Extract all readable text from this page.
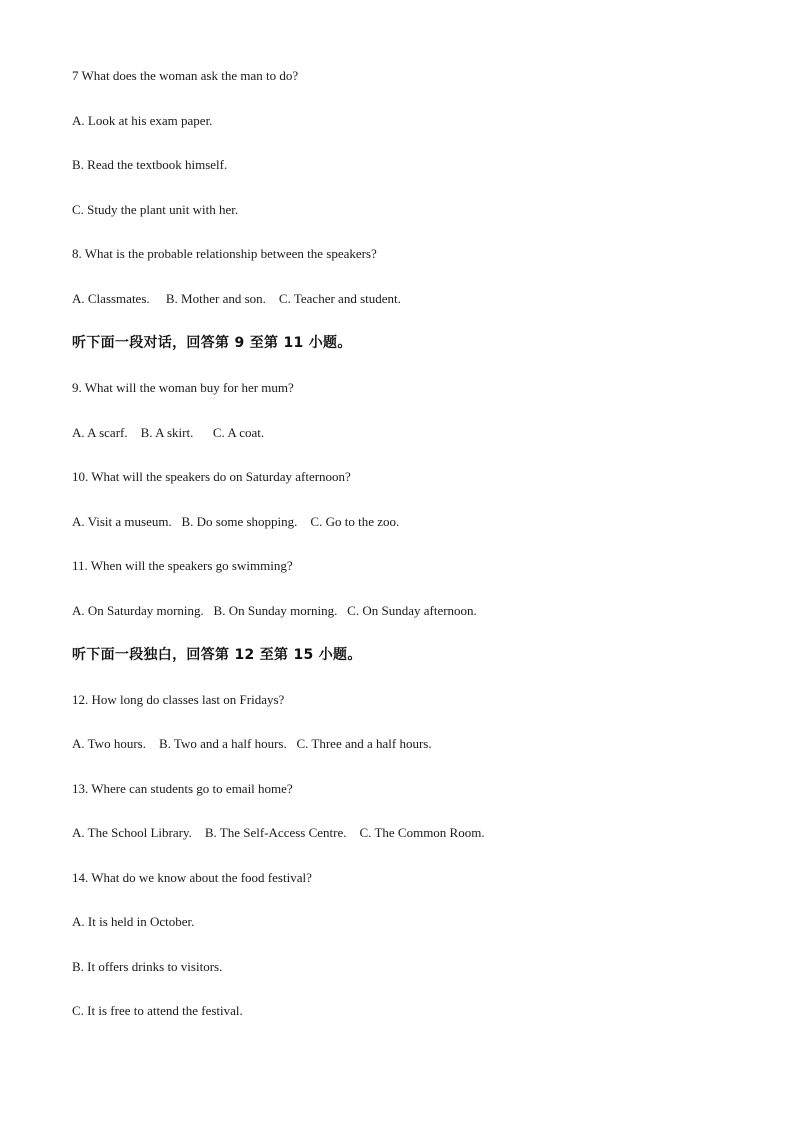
7 What does the woman ask the man to do?

A. Look at his exam paper.

B. Read the textbook himself.

C. Study the plant unit with her.

8. What is the probable relationship between the speakers?

A. Classmates. B. Mother and son. C. Teacher and student.

听下面一段对话，回答第 9 至第 11 小题。

9. What will the woman buy for her mum?

A. A scarf. B. A skirt. C. A coat.

10. What will the speakers do on Saturday afternoon?

A. Visit a museum. B. Do some shopping. C. Go to the zoo.

11. When will the speakers go swimming?

A. On Saturday morning. B. On Sunday morning. C. On Sunday afternoon.

听下面一段独白，回答第 12 至第 15 小题。

12. How long do classes last on Fridays?

A. Two hours. B. Two and a half hours. C. Three and a half hours.

13. Where can students go to email home?

A. The School Library. B. The Self-Access Centre. C. The Common Room.

14. What do we know about the food festival?

A. It is held in October.

B. It offers drinks to visitors.

C. It is free to attend the festival.
